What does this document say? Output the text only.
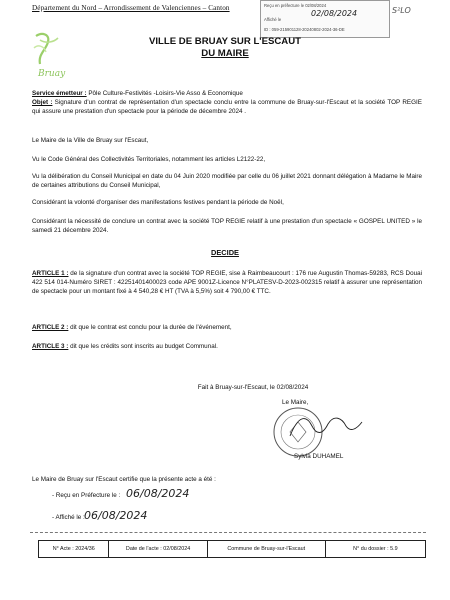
Département du Nord – Arrondissement de Valenciennes – Canton	Reçu en préfecture le 02/08/2024
02/08/2024
Affiché le
ID : 059-215901128-20240802-2024-36-DE
S²LO
Bruay
VILLE DE BRUAY SUR L'ESCAUT
DU MAIRE
Service émetteur : Pôle Culture-Festivités -Loisirs-Vie Asso & Economique
Objet : Signature d'un contrat de représentation d'un spectacle conclu entre la commune de Bruay-sur-l'Escaut et la société TOP REGIE qui assure une prestation d'un spectacle pour la période de décembre 2024 .
Le Maire de la Ville de Bruay sur l'Escaut,
Vu le Code Général des Collectivités Territoriales, notamment les articles L2122-22,
Vu la délibération du Conseil Municipal en date du 04 Juin 2020 modifiée par celle du 06 juillet 2021 donnant délégation à Madame le Maire de certaines attributions du Conseil Municipal,
Considérant la volonté d'organiser des manifestations festives pendant la période de Noël,
Considérant la nécessité de conclure un contrat avec la société TOP REGIE relatif à une prestation d'un spectacle « GOSPEL UNITED » le samedi 21 décembre 2024.
DECIDE
ARTICLE 1 : de la signature d'un contrat avec la société TOP REGIE, sise à Raimbeaucourt : 176 rue Augustin Thomas-59283, RCS Douai 422 514 014-Numéro SIRET : 42251401400023 code APE 9001Z-Licence N°PLATESV-D-2023-002315 relatif à assurer une représentation de spectacle pour un montant fixé à 4 540,28 € HT (TVA à 5,5%) soit 4 790,00 € TTC.
ARTICLE 2 : dit que le contrat est conclu pour la durée de l'événement,
ARTICLE 3 : dit que les crédits sont inscrits au budget Communal.
Fait à Bruay-sur-l'Escaut, le 02/08/2024
Le Maire,
Sylvia DUHAMEL
Le Maire de Bruay sur l'Escaut certifie que la présente acte a été :
- Reçu en Préfecture le : 06/08/2024
- Affiché le : 06/08/2024
N° Acte : 2024/36	Date de l'acte : 02/08/2024	Commune de Bruay-sur-l'Escaut	N° du dossier : 5.9
